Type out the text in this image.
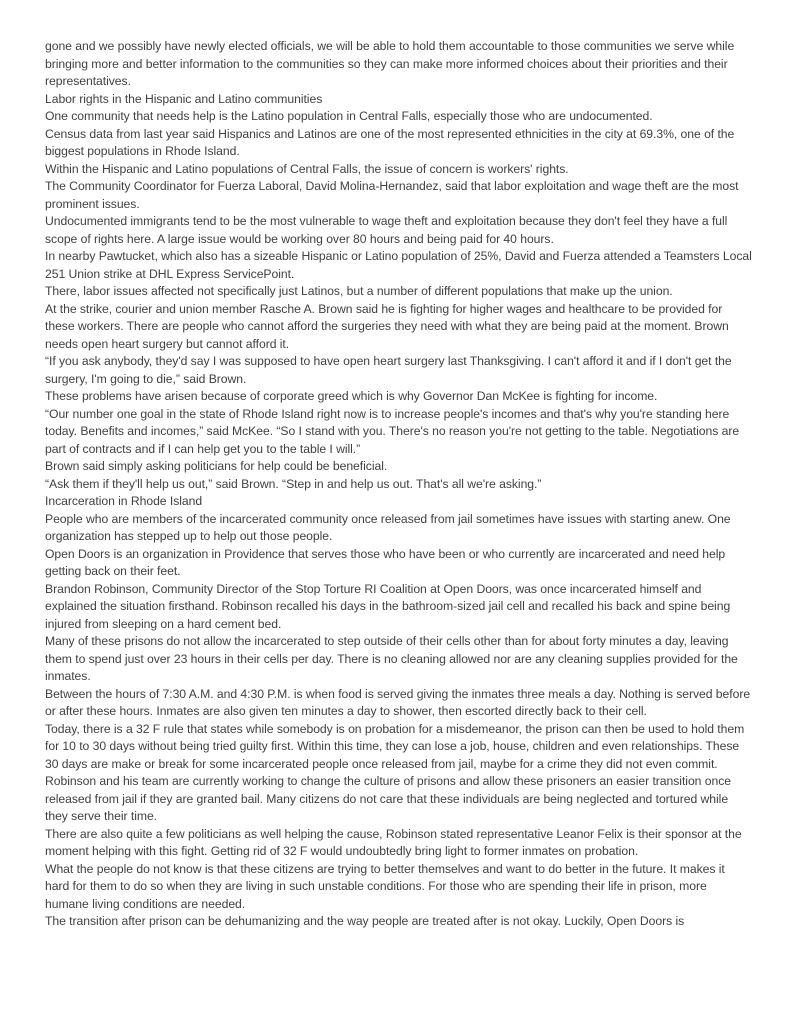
gone and we possibly have newly elected officials, we will be able to hold them accountable to those communities we serve while bringing more and better information to the communities so they can make more informed choices about their priorities and their representatives.

Labor rights in the Hispanic and Latino communities

One community that needs help is the Latino population in Central Falls, especially those who are undocumented.

Census data from last year said Hispanics and Latinos are one of the most represented ethnicities in the city at 69.3%, one of the biggest populations in Rhode Island.

Within the Hispanic and Latino populations of Central Falls, the issue of concern is workers' rights.

The Community Coordinator for Fuerza Laboral, David Molina-Hernandez, said that labor exploitation and wage theft are the most prominent issues.

Undocumented immigrants tend to be the most vulnerable to wage theft and exploitation because they don't feel they have a full scope of rights here. A large issue would be working over 80 hours and being paid for 40 hours.

In nearby Pawtucket, which also has a sizeable Hispanic or Latino population of 25%, David and Fuerza attended a Teamsters Local 251 Union strike at DHL Express ServicePoint.

There, labor issues affected not specifically just Latinos, but a number of different populations that make up the union.

At the strike, courier and union member Rasche A. Brown said he is fighting for higher wages and healthcare to be provided for these workers. There are people who cannot afford the surgeries they need with what they are being paid at the moment. Brown needs open heart surgery but cannot afford it.

“If you ask anybody, they'd say I was supposed to have open heart surgery last Thanksgiving. I can't afford it and if I don't get the surgery, I'm going to die,” said Brown.

These problems have arisen because of corporate greed which is why Governor Dan McKee is fighting for income.

“Our number one goal in the state of Rhode Island right now is to increase people's incomes and that's why you're standing here today. Benefits and incomes,” said McKee. “So I stand with you. There's no reason you're not getting to the table. Negotiations are part of contracts and if I can help get you to the table I will.”

Brown said simply asking politicians for help could be beneficial.

“Ask them if they'll help us out,” said Brown. “Step in and help us out. That's all we're asking.”

Incarceration in Rhode Island

People who are members of the incarcerated community once released from jail sometimes have issues with starting anew. One organization has stepped up to help out those people.

Open Doors is an organization in Providence that serves those who have been or who currently are incarcerated and need help getting back on their feet.

Brandon Robinson, Community Director of the Stop Torture RI Coalition at Open Doors, was once incarcerated himself and explained the situation firsthand. Robinson recalled his days in the bathroom-sized jail cell and recalled his back and spine being injured from sleeping on a hard cement bed.

Many of these prisons do not allow the incarcerated to step outside of their cells other than for about forty minutes a day, leaving them to spend just over 23 hours in their cells per day. There is no cleaning allowed nor are any cleaning supplies provided for the inmates.

Between the hours of 7:30 A.M. and 4:30 P.M. is when food is served giving the inmates three meals a day. Nothing is served before or after these hours. Inmates are also given ten minutes a day to shower, then escorted directly back to their cell.

Today, there is a 32 F rule that states while somebody is on probation for a misdemeanor, the prison can then be used to hold them for 10 to 30 days without being tried guilty first. Within this time, they can lose a job, house, children and even relationships. These 30 days are make or break for some incarcerated people once released from jail, maybe for a crime they did not even commit.

Robinson and his team are currently working to change the culture of prisons and allow these prisoners an easier transition once released from jail if they are granted bail. Many citizens do not care that these individuals are being neglected and tortured while they serve their time.

There are also quite a few politicians as well helping the cause, Robinson stated representative Leanor Felix is their sponsor at the moment helping with this fight. Getting rid of 32 F would undoubtedly bring light to former inmates on probation.

What the people do not know is that these citizens are trying to better themselves and want to do better in the future. It makes it hard for them to do so when they are living in such unstable conditions. For those who are spending their life in prison, more humane living conditions are needed.

The transition after prison can be dehumanizing and the way people are treated after is not okay. Luckily, Open Doors is
